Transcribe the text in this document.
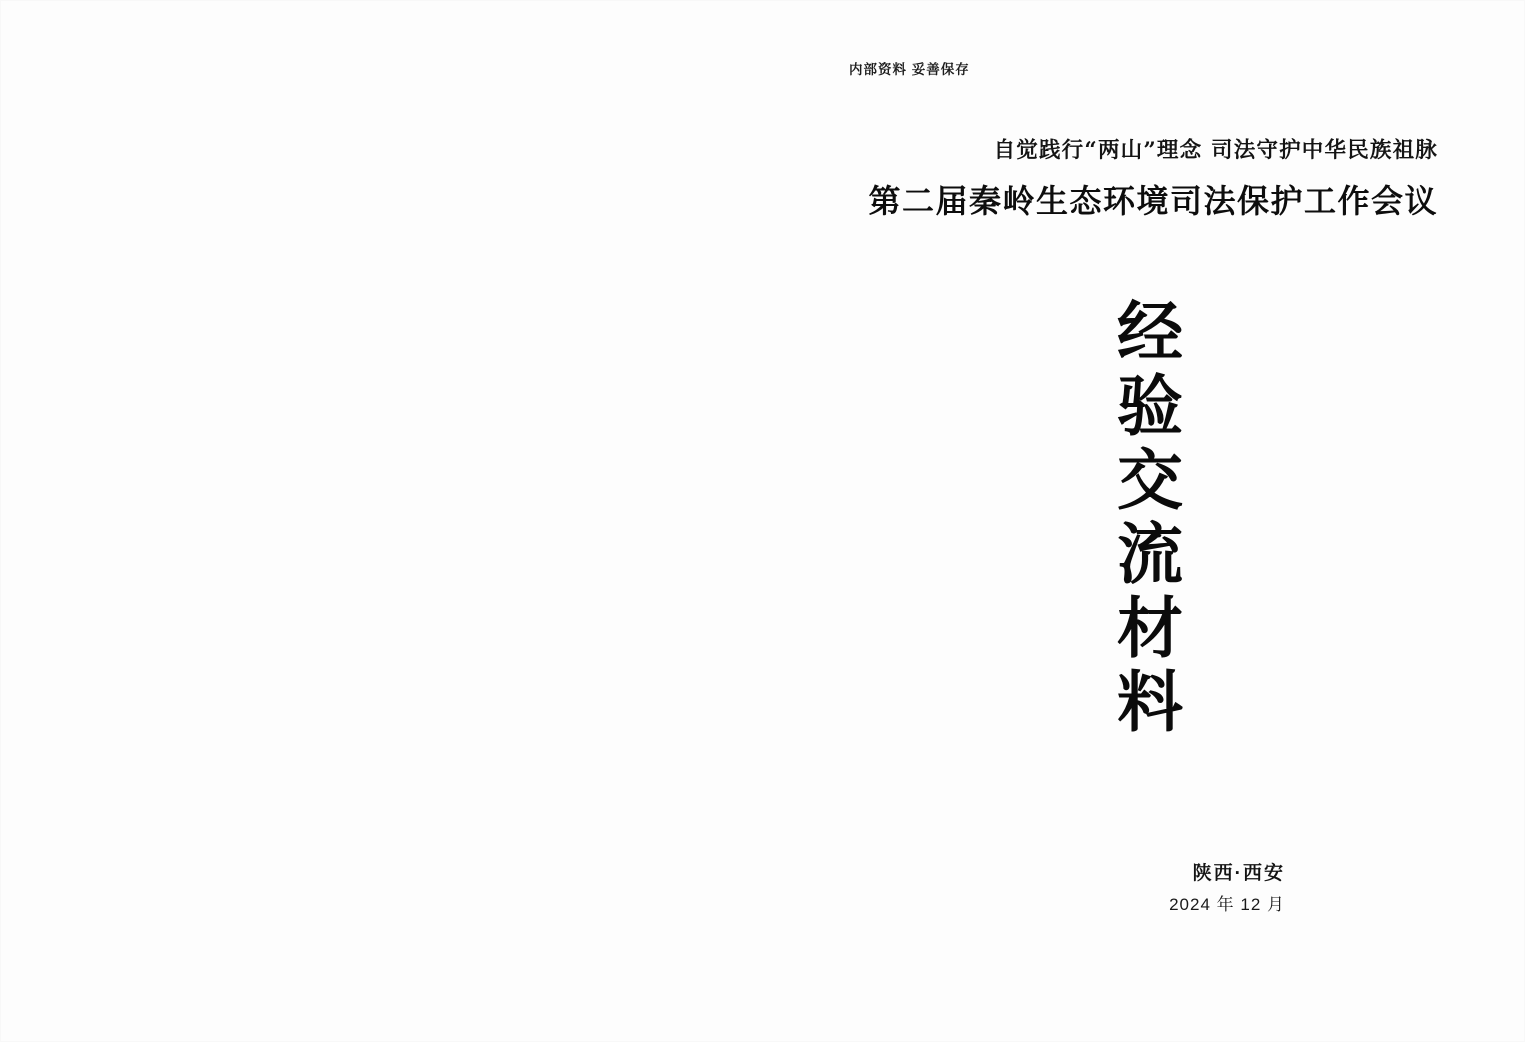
内部资料 妥善保存
自觉践行“两山”理念 司法守护中华民族祖脉
第二届秦岭生态环境司法保护工作会议
经
验
交
流
材
料
陕西·西安
2024 年 12 月
